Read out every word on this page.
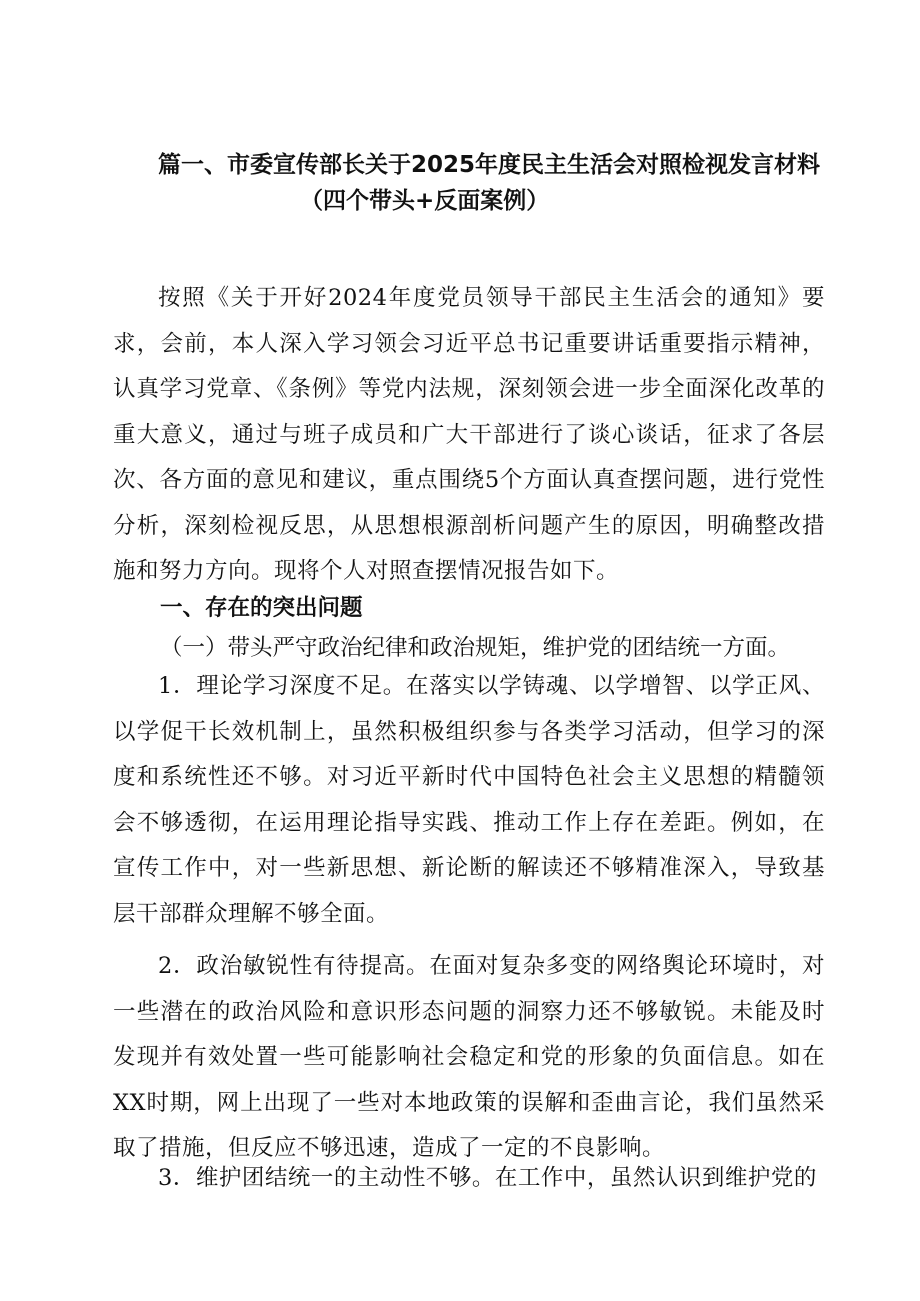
篇一、市委宣传部长关于2025年度民主生活会对照检视发言材料
（四个带头+反面案例）
按照《关于开好2024年度党员领导干部民主生活会的通知》要求，会前，本人深入学习领会习近平总书记重要讲话重要指示精神，认真学习党章、《条例》等党内法规，深刻领会进一步全面深化改革的重大意义，通过与班子成员和广大干部进行了谈心谈话，征求了各层次、各方面的意见和建议，重点围绕5个方面认真查摆问题，进行党性分析，深刻检视反思，从思想根源剖析问题产生的原因，明确整改措施和努力方向。现将个人对照查摆情况报告如下。
一、存在的突出问题
（一）带头严守政治纪律和政治规矩，维护党的团结统一方面。
1．理论学习深度不足。在落实以学铸魂、以学增智、以学正风、以学促干长效机制上，虽然积极组织参与各类学习活动，但学习的深度和系统性还不够。对习近平新时代中国特色社会主义思想的精髓领会不够透彻，在运用理论指导实践、推动工作上存在差距。例如，在宣传工作中，对一些新思想、新论断的解读还不够精准深入，导致基层干部群众理解不够全面。
2．政治敏锐性有待提高。在面对复杂多变的网络舆论环境时，对一些潜在的政治风险和意识形态问题的洞察力还不够敏锐。未能及时发现并有效处置一些可能影响社会稳定和党的形象的负面信息。如在XX时期，网上出现了一些对本地政策的误解和歪曲言论，我们虽然采取了措施，但反应不够迅速，造成了一定的不良影响。
3．维护团结统一的主动性不够。在工作中，虽然认识到维护党的
